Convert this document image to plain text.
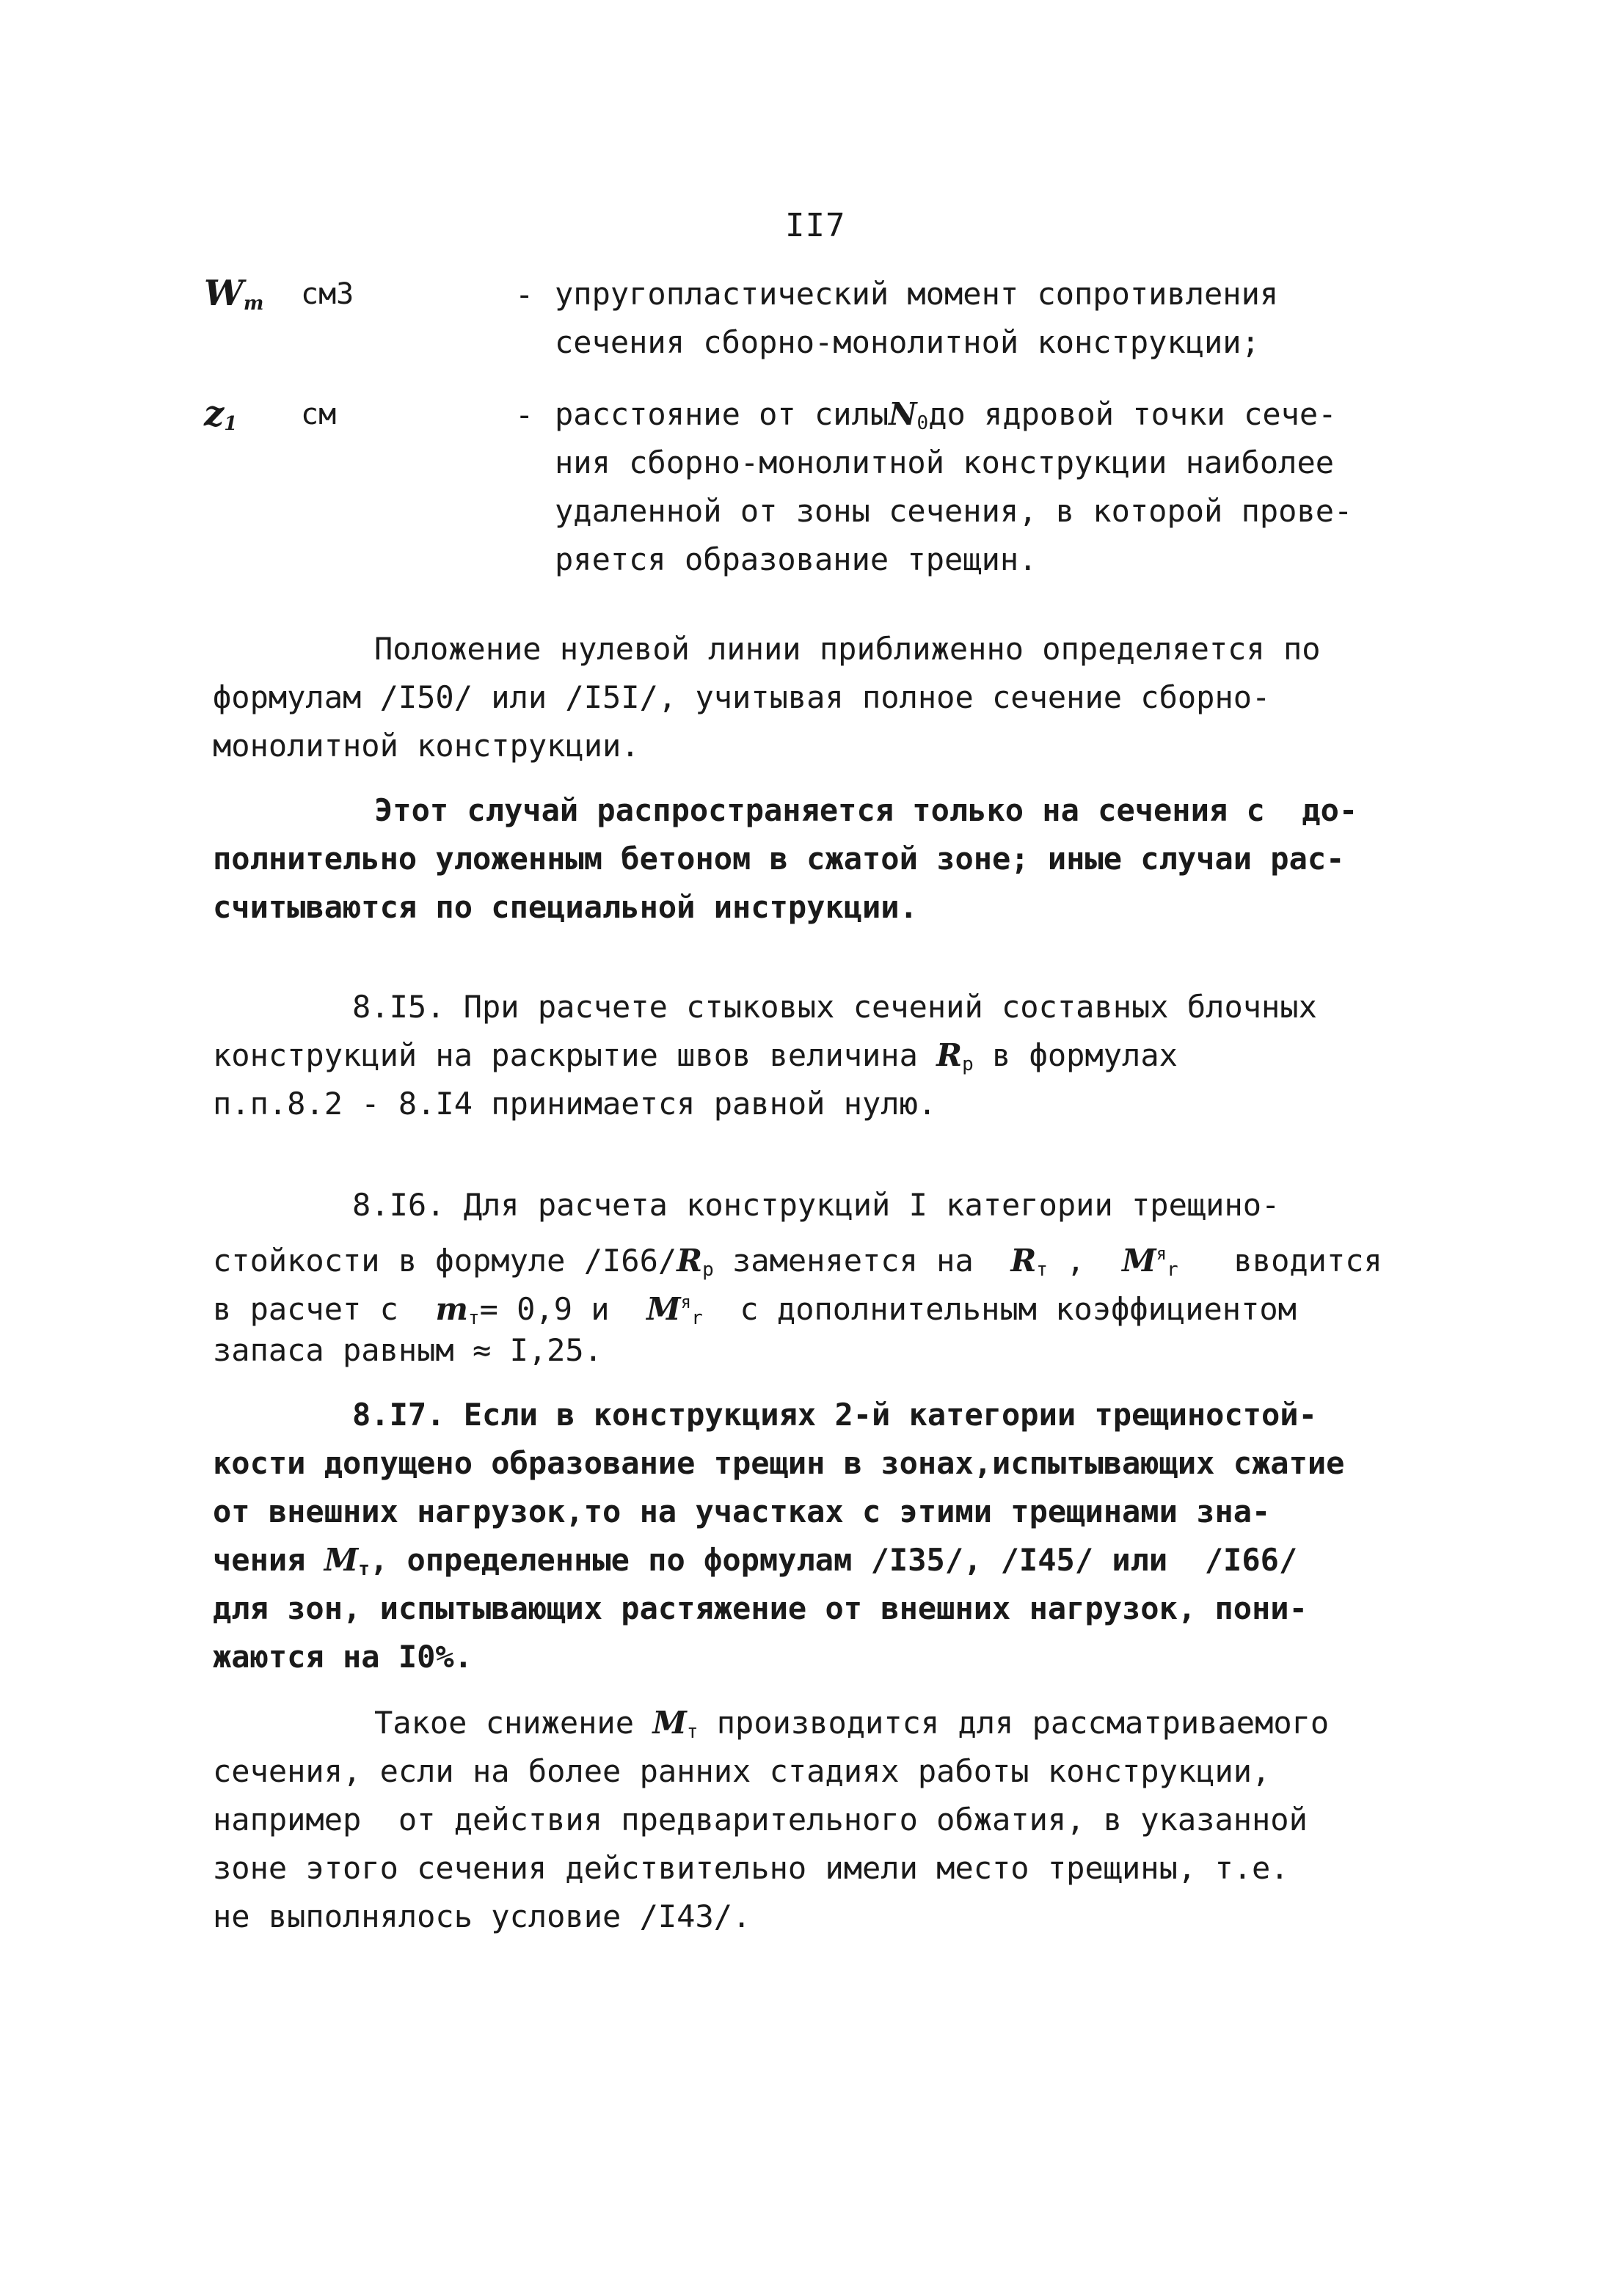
II7
$W_т$ см3	- упругопластический момент сопротивления
сечения сборно-монолитной конструкции;
$z_1$ см	- расстояние от силыN$_0$до ядровой точки сече-
ния сборно-монолитной конструкции наиболее
удаленной от зоны сечения, в которой прове-
ряется образование трещин.
Положение нулевой линии приближенно определяется по
формулам /I50/ или /I5I/, учитывая полное сечение сборно-
монолитной конструкции.
Этот случай распространяется только на сечения с  до-
полнительно уложенным бетоном в сжатой зоне; иные случаи рас-
считываются по специальной инструкции.
8.I5. При расчете стыковых сечений составных блочных
конструкций на раскрытие швов величина $R_р$ в формулах
п.п.8.2 - 8.I4 принимается равной нулю.
8.I6. Для расчета конструкций I категории трещино-
стойкости в формуле $/I66/R_р$ заменяется на $R_т$ , $M^я_r$ вводится
в расчет с $m_т= 0,9$ и $M^я_r$ с дополнительным коэффициентом
запаса равным ≈ I,25.
8.I7. Если в конструкциях 2-й категории трещиностой-
кости допущено образование трещин в зонах,испытывающих сжатие
от внешних нагрузок,то на участках с этими трещинами зна-
чения $M_т$, определенные по формулам /I35/, /I45/ или  /I66/
для зон, испытывающих растяжение от внешних нагрузок, пони-
жаются на I0%.
Такое снижение $M_т$ производится для рассматриваемого
сечения, если на более ранних стадиях работы конструкции,
например  от действия предварительного обжатия, в указанной
зоне этого сечения действительно имели место трещины, т.е.
не выполнялось условие /I43/.
